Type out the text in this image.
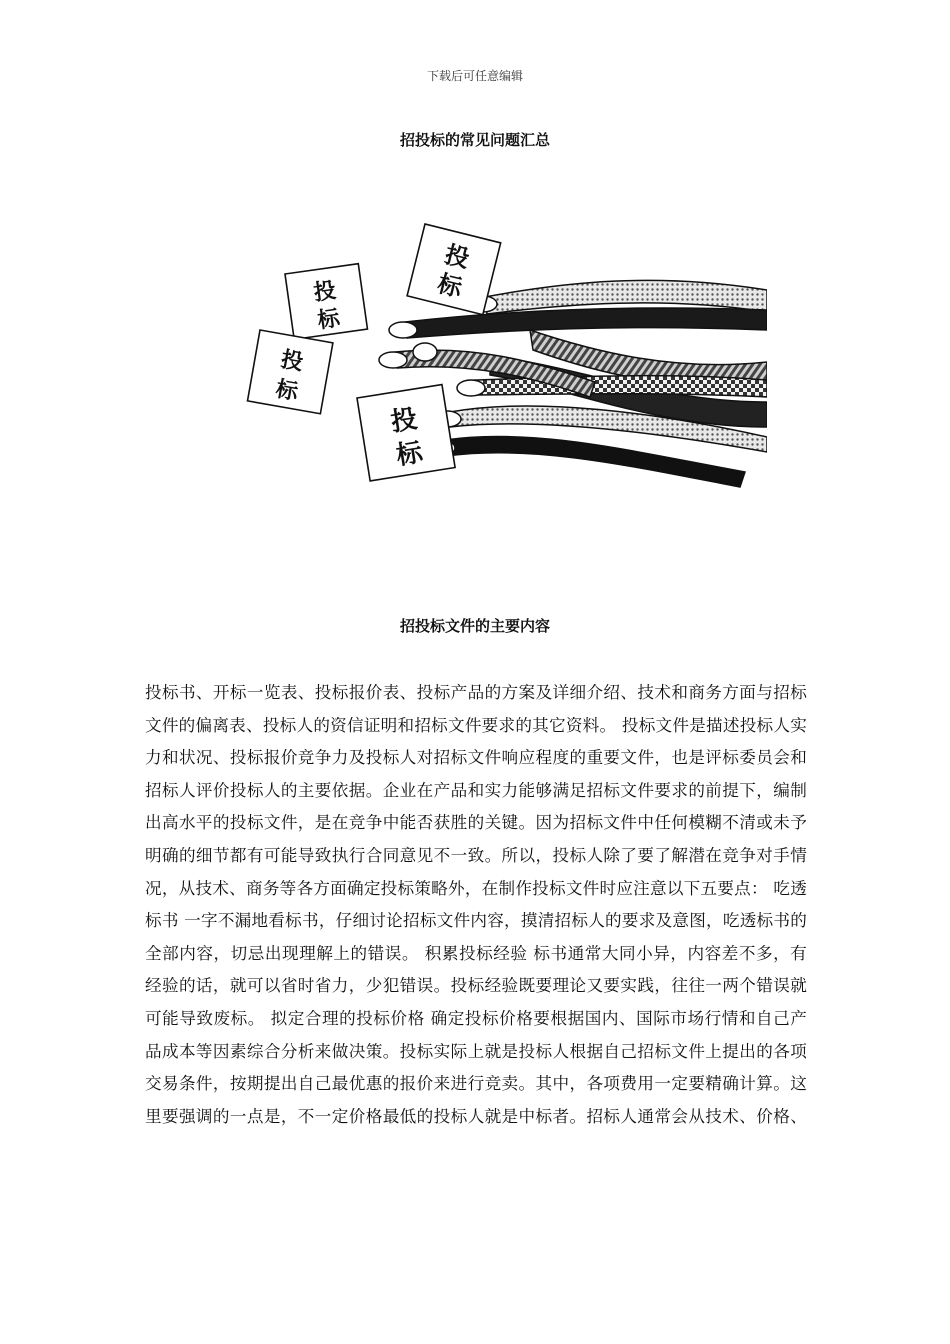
下载后可任意编辑
招投标的常见问题汇总
投
标
投
标
投
标
投
标
招投标文件的主要内容
投标书、开标一览表、投标报价表、投标产品的方案及详细介绍、技术和商务方面与招标
文件的偏离表、投标人的资信证明和招标文件要求的其它资料。 投标文件是描述投标人实
力和状况、投标报价竞争力及投标人对招标文件响应程度的重要文件，也是评标委员会和
招标人评价投标人的主要依据。企业在产品和实力能够满足招标文件要求的前提下，编制
出高水平的投标文件，是在竞争中能否获胜的关键。因为招标文件中任何模糊不清或未予
明确的细节都有可能导致执行合同意见不一致。所以，投标人除了要了解潜在竞争对手情
况，从技术、商务等各方面确定投标策略外，在制作投标文件时应注意以下五要点： 吃透
标书 一字不漏地看标书，仔细讨论招标文件内容，摸清招标人的要求及意图，吃透标书的
全部内容，切忌出现理解上的错误。 积累投标经验 标书通常大同小异，内容差不多，有
经验的话，就可以省时省力，少犯错误。投标经验既要理论又要实践，往往一两个错误就
可能导致废标。 拟定合理的投标价格 确定投标价格要根据国内、国际市场行情和自己产
品成本等因素综合分析来做决策。投标实际上就是投标人根据自己招标文件上提出的各项
交易条件，按期提出自己最优惠的报价来进行竞卖。其中，各项费用一定要精确计算。这
里要强调的一点是，不一定价格最低的投标人就是中标者。招标人通常会从技术、价格、
